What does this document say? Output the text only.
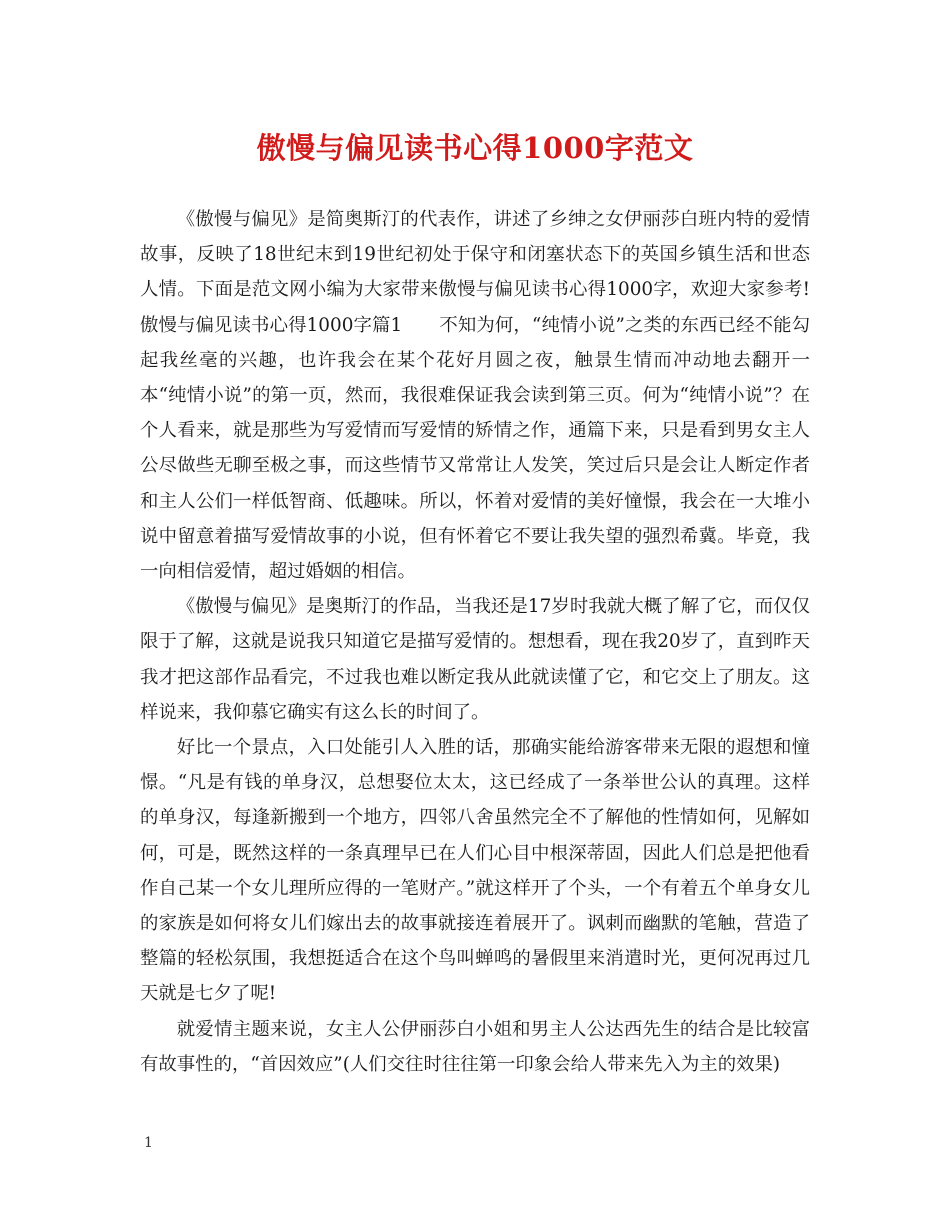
傲慢与偏见读书心得1000字范文

《傲慢与偏见》是简奥斯汀的代表作，讲述了乡绅之女伊丽莎白班内特的爱情故事，反映了18世纪末到19世纪初处于保守和闭塞状态下的英国乡镇生活和世态人情。下面是范文网小编为大家带来傲慢与偏见读书心得1000字，欢迎大家参考! 傲慢与偏见读书心得1000字篇1　　不知为何，“纯情小说”之类的东西已经不能勾起我丝毫的兴趣，也许我会在某个花好月圆之夜，触景生情而冲动地去翻开一本“纯情小说”的第一页，然而，我很难保证我会读到第三页。何为“纯情小说”？在个人看来，就是那些为写爱情而写爱情的矫情之作，通篇下来，只是看到男女主人公尽做些无聊至极之事，而这些情节又常常让人发笑，笑过后只是会让人断定作者和主人公们一样低智商、低趣味。所以，怀着对爱情的美好憧憬，我会在一大堆小说中留意着描写爱情故事的小说，但有怀着它不要让我失望的强烈希冀。毕竟，我一向相信爱情，超过婚姻的相信。

《傲慢与偏见》是奥斯汀的作品，当我还是17岁时我就大概了解了它，而仅仅限于了解，这就是说我只知道它是描写爱情的。想想看，现在我20岁了，直到昨天我才把这部作品看完，不过我也难以断定我从此就读懂了它，和它交上了朋友。这样说来，我仰慕它确实有这么长的时间了。

好比一个景点，入口处能引人入胜的话，那确实能给游客带来无限的遐想和憧憬。“凡是有钱的单身汉，总想娶位太太，这已经成了一条举世公认的真理。这样的单身汉，每逢新搬到一个地方，四邻八舍虽然完全不了解他的性情如何，见解如何，可是，既然这样的一条真理早已在人们心目中根深蒂固，因此人们总是把他看作自己某一个女儿理所应得的一笔财产。”就这样开了个头，一个有着五个单身女儿的家族是如何将女儿们嫁出去的故事就接连着展开了。讽刺而幽默的笔触，营造了整篇的轻松氛围，我想挺适合在这个鸟叫蝉鸣的暑假里来消遣时光，更何况再过几天就是七夕了呢!

就爱情主题来说，女主人公伊丽莎白小姐和男主人公达西先生的结合是比较富有故事性的，“首因效应”(人们交往时往往第一印象会给人带来先入为主的效果)

1
